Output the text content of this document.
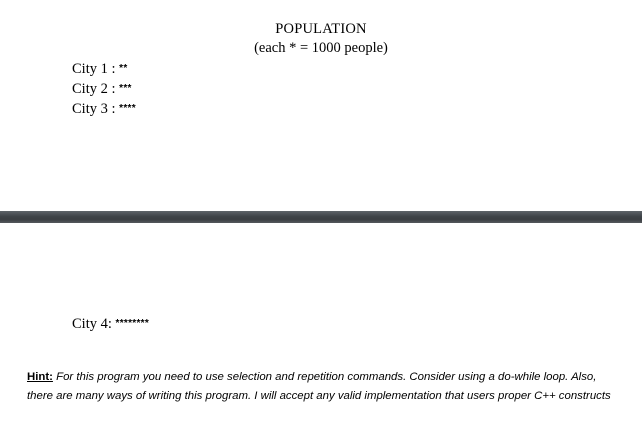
POPULATION
(each * = 1000 people)
City 1 : **
City 2 : ***
City 3 : ****
City 4: ********
Hint: For this program you need to use selection and repetition commands. Consider using a do-while loop. Also, there are many ways of writing this program. I will accept any valid implementation that users proper C++ constructs
